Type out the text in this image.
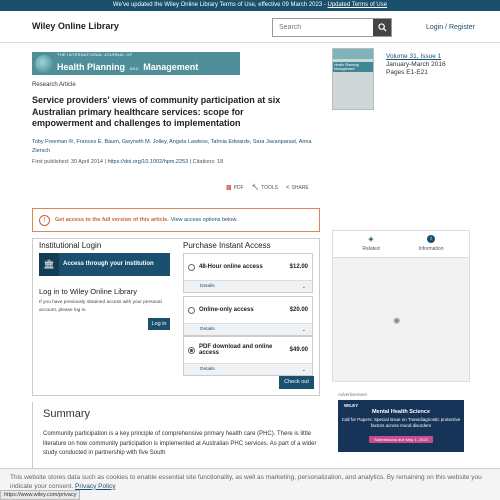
We've updated the Wiley Online Library Terms of Use, effective 09 March 2023 - Updated Terms of Use
Wiley Online Library
Search	Login / Register
THE INTERNATIONAL JOURNAL OF
Health Planning AND Management
Research Article
Service providers' views of community participation at six Australian primary healthcare services: scope for empowerment and challenges to implementation
Toby Freeman ✉, Frances E. Baum, Gwyneth M. Jolley, Angela Lawless, Tahnia Edwards, Sara Javanparast, Anna Ziersch
First published: 30 April 2014 | https://doi.org/10.1002/hpm.2253 | Citations: 18
Health Planning Management
Volume 31, Issue 1
January-March 2016
Pages E1-E21
▩ PDF 🔧 TOOLS < SHARE
!	Get access to the full version of this article. View access options below.
Institutional Login
🏛	Access through your institution
Log in to Wiley Online Library
If you have previously obtained access with your personal account, please log in.
Log in
Purchase Instant Access
48-Hour online access	$12.00
Details	⌄
Online-only access	$20.00
Details	⌄
PDF download and online access	$49.00
Details	⌄
Check out
◈
Related
i
Information
✺
Advertisement
WILEY
Mental Health Science
Call for Papers: Special issue on Transdiagnostic protective factors across mood disorders
Submissions due May 1, 2023
Summary
Community participation is a key principle of comprehensive primary health care (PHC). There is little literature on how community participation is implemented at Australian PHC services. As part of a wider study conducted in partnership with five South
This website stores data such as cookies to enable essential site functionality, as well as marketing, personalization, and analytics. By remaining on this website you indicate your consent. Privacy Policy
https://www.wiley.com/privacy
